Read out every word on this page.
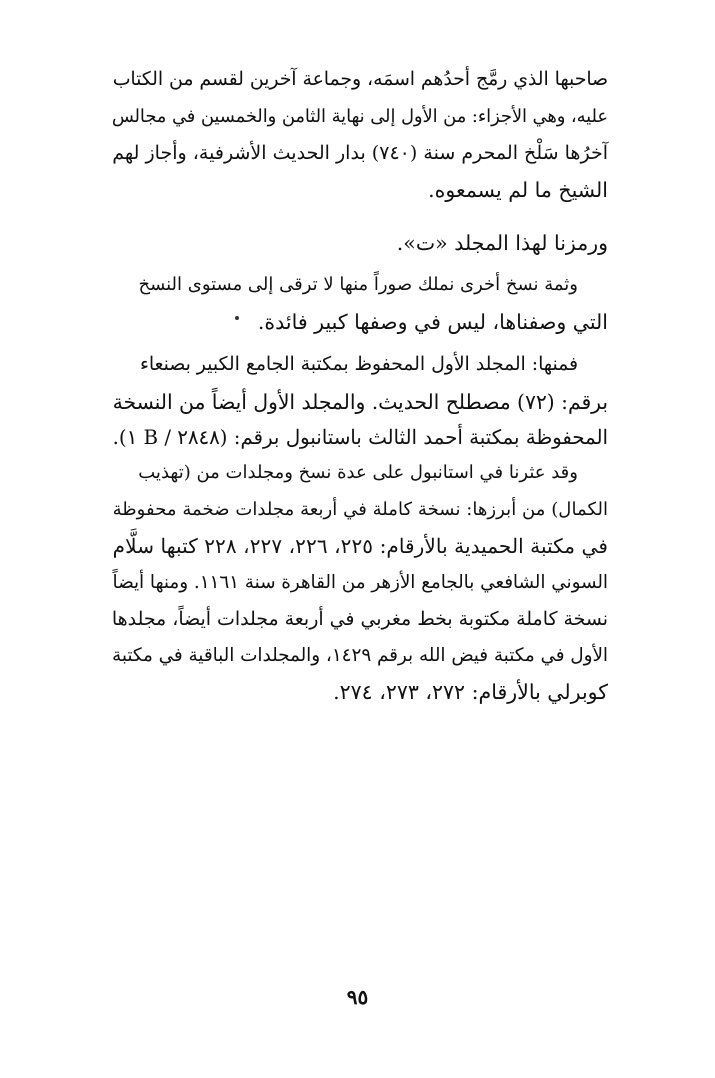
صاحبها الذي رمَّج أحدُهم اسمَه، وجماعة آخرين لقسم من الكتاب
عليه، وهي الأجزاء: من الأول إلى نهاية الثامن والخمسين في مجالس
آخرُها سَلْخ المحرم سنة (٧٤٠) بدار الحديث الأشرفية، وأجاز لهم
الشيخ ما لم يسمعوه.
ورمزنا لهذا المجلد «ت».
وثمة نسخ أخرى نملك صوراً منها لا ترقى إلى مستوى النسخ
التي وصفناها، ليس في وصفها كبير فائدة.
فمنها: المجلد الأول المحفوظ بمكتبة الجامع الكبير بصنعاء
برقم: (٧٢) مصطلح الحديث. والمجلد الأول أيضاً من النسخة
المحفوظة بمكتبة أحمد الثالث باستانبول برقم: (٢٨٤٨ / B ١).
وقد عثرنا في استانبول على عدة نسخ ومجلدات من (تهذيب
الكمال) من أبرزها: نسخة كاملة في أربعة مجلدات ضخمة محفوظة
في مكتبة الحميدية بالأرقام: ٢٢٥، ٢٢٦، ٢٢٧، ٢٢٨ كتبها سلَّام
السوني الشافعي بالجامع الأزهر من القاهرة سنة ١١٦١. ومنها أيضاً
نسخة كاملة مكتوبة بخط مغربي في أربعة مجلدات أيضاً، مجلدها
الأول في مكتبة فيض الله برقم ١٤٢٩، والمجلدات الباقية في مكتبة
كوبرلي بالأرقام: ٢٧٢، ٢٧٣، ٢٧٤.
٩٥
